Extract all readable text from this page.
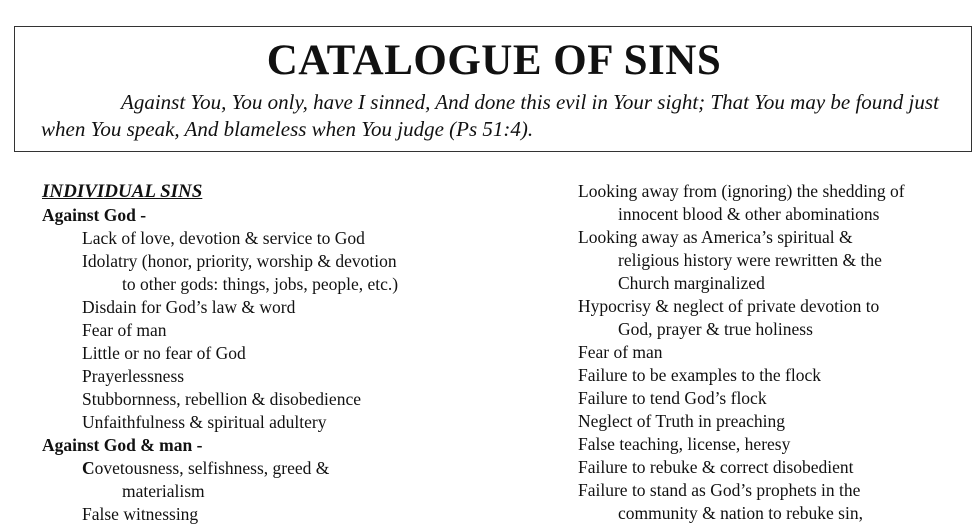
CATALOGUE OF SINS
Against You, You only, have I sinned, And done this evil in Your sight; That You may be found just when You speak, And blameless when You judge (Ps 51:4).
INDIVIDUAL SINS
Against God -
Lack of love, devotion & service to God
Idolatry (honor, priority, worship & devotion
to other gods: things, jobs, people, etc.)
Disdain for God’s law & word
Fear of man
Little or no fear of God
Prayerlessness
Stubbornness, rebellion & disobedience
Unfaithfulness & spiritual adultery
Against God & man -
Covetousness, selfishness, greed &
materialism
False witnessing
Looking away from (ignoring) the shedding of
innocent blood & other abominations
Looking away as America’s spiritual &
religious history were rewritten & the
Church marginalized
Hypocrisy & neglect of private devotion to
God, prayer & true holiness
Fear of man
Failure to be examples to the flock
Failure to tend God’s flock
Neglect of Truth in preaching
False teaching, license, heresy
Failure to rebuke & correct disobedient
Failure to stand as God’s prophets in the
community & nation to rebuke sin,
